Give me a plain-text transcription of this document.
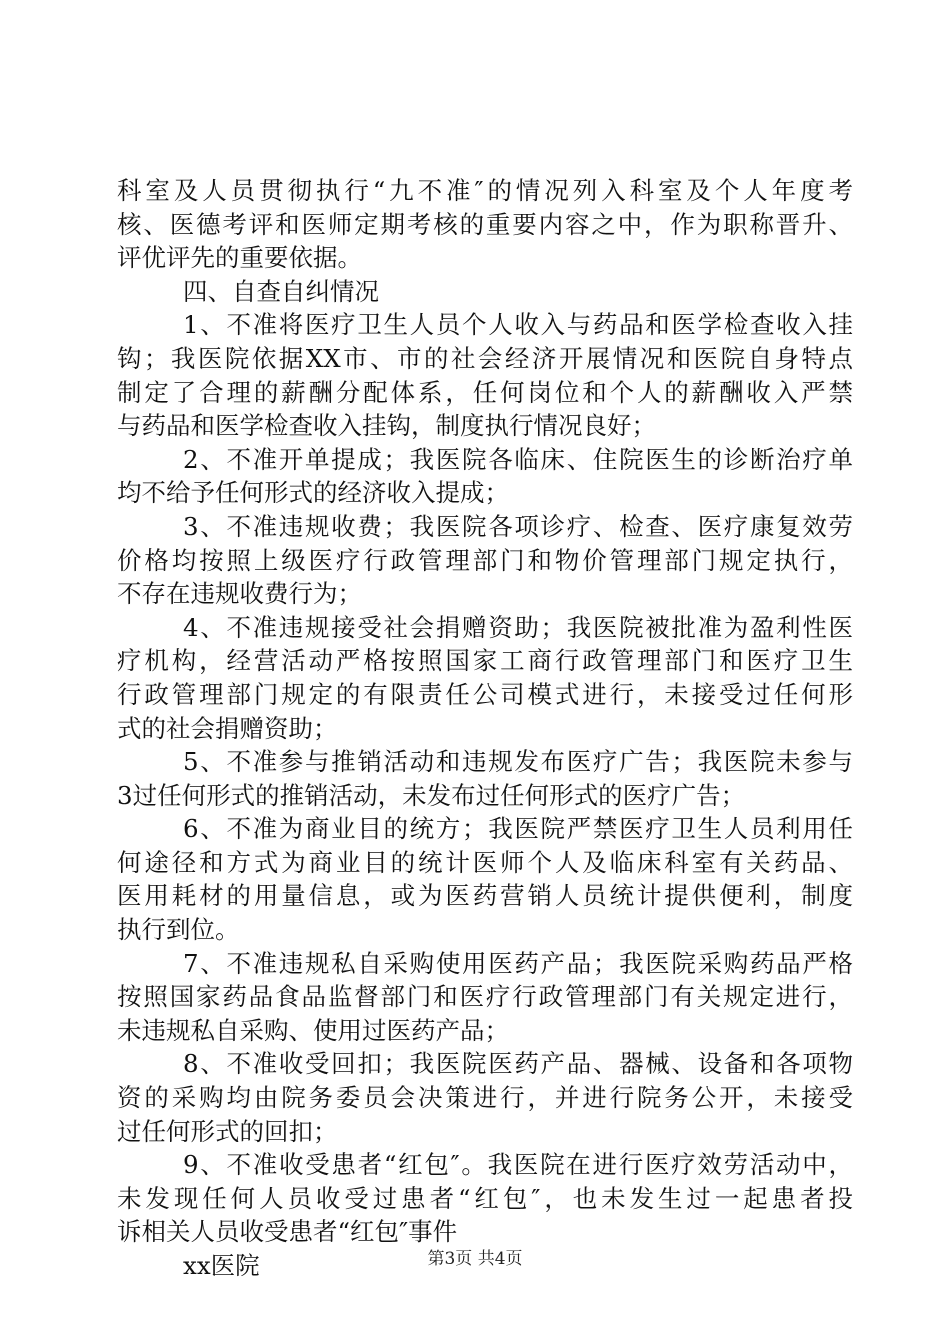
科室及人员贯彻执行“九不准″的情况列入科室及个人年度考
核、医德考评和医师定期考核的重要内容之中，作为职称晋升、
评优评先的重要依据。
四、自查自纠情况
1、不准将医疗卫生人员个人收入与药品和医学检查收入挂
钩；我医院依据XX市、市的社会经济开展情况和医院自身特点
制定了合理的薪酬分配体系，任何岗位和个人的薪酬收入严禁
与药品和医学检查收入挂钩，制度执行情况良好；
2、不准开单提成；我医院各临床、住院医生的诊断治疗单
均不给予任何形式的经济收入提成；
3、不准违规收费；我医院各项诊疗、检查、医疗康复效劳
价格均按照上级医疗行政管理部门和物价管理部门规定执行，
不存在违规收费行为；
4、不准违规接受社会捐赠资助；我医院被批准为盈利性医
疗机构，经营活动严格按照国家工商行政管理部门和医疗卫生
行政管理部门规定的有限责任公司模式进行，未接受过任何形
式的社会捐赠资助；
5、不准参与推销活动和违规发布医疗广告；我医院未参与
3过任何形式的推销活动，未发布过任何形式的医疗广告；
6、不准为商业目的统方；我医院严禁医疗卫生人员利用任
何途径和方式为商业目的统计医师个人及临床科室有关药品、
医用耗材的用量信息，或为医药营销人员统计提供便利，制度
执行到位。
7、不准违规私自采购使用医药产品；我医院采购药品严格
按照国家药品食品监督部门和医疗行政管理部门有关规定进行，
未违规私自采购、使用过医药产品；
8、不准收受回扣；我医院医药产品、器械、设备和各项物
资的采购均由院务委员会决策进行，并进行院务公开，未接受
过任何形式的回扣；
9、不准收受患者“红包″。我医院在进行医疗效劳活动中，
未发现任何人员收受过患者“红包″，也未发生过一起患者投
诉相关人员收受患者“红包″事件
xx医院	第3页 共4页
